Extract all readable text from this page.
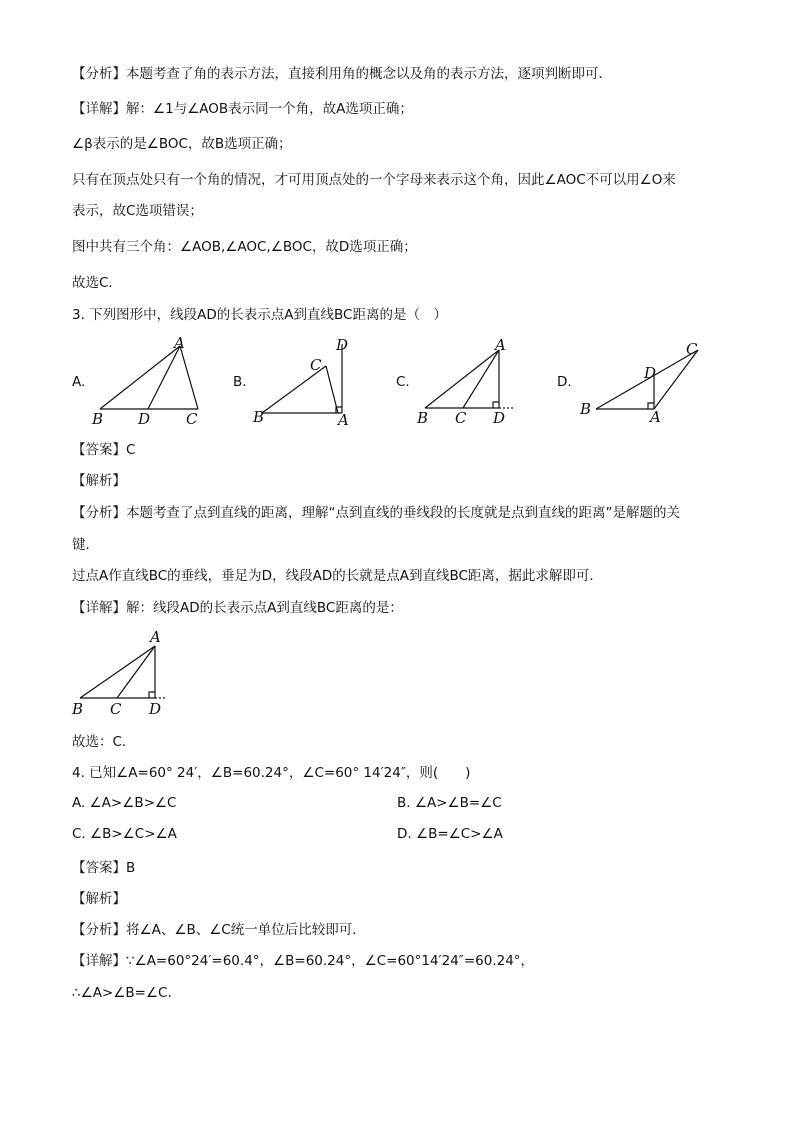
【分析】本题考查了角的表示方法，直接利用角的概念以及角的表示方法，逐项判断即可．
【详解】解：∠1与∠AOB表示同一个角，故A选项正确；
∠β表示的是∠BOC，故B选项正确；
只有在顶点处只有一个角的情况，才可用顶点处的一个字母来表示这个角，因此∠AOC不可以用∠O来
表示，故C选项错误；
图中共有三个角：∠AOB,∠AOC,∠BOC，故D选项正确；
故选C．
3. 下列图形中，线段AD的长表示点A到直线BC距离的是（　）
A.
A
B D C
B.
D
C
B	A
C.
A
B C D
D.
C
D
B	A
【答案】C
【解析】
【分析】本题考查了点到直线的距离，理解“点到直线的垂线段的长度就是点到直线的距离”是解题的关
键．
过点A作直线BC的垂线，垂足为D，线段AD的长就是点A到直线BC距离，据此求解即可．
【详解】解：线段AD的长表示点A到直线BC距离的是：
A
B C D
故选：C．
4. 已知∠A=60° 24′，∠B=60.24°，∠C=60° 14′24″，则(　　)
A. ∠A>∠B>∠C	B. ∠A>∠B=∠C
C. ∠B>∠C>∠A	D. ∠B=∠C>∠A
【答案】B
【解析】
【分析】将∠A、∠B、∠C统一单位后比较即可．
【详解】∵∠A=60°24′=60.4°，∠B=60.24°，∠C=60°14′24″=60.24°，
∴∠A>∠B=∠C.
